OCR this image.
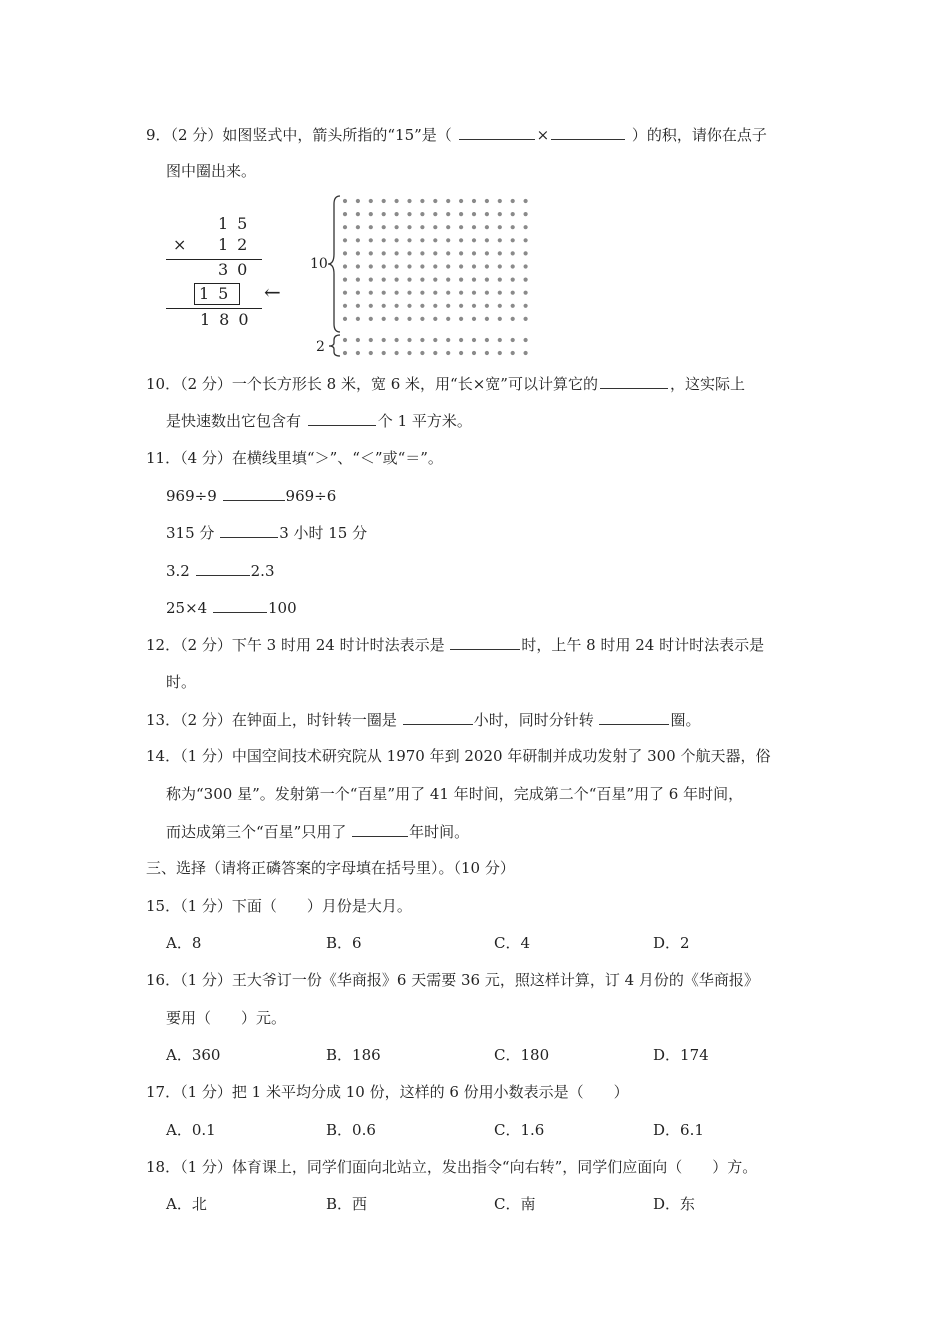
9．（2 分）如图竖式中，箭头所指的“15”是（	×	）的积，请你在点子
图中圈出来。
15
× 12
30
15
180
←
10
2
10．（2 分）一个长方形长 8 米，宽 6 米，用“长×宽”可以计算它的	，这实际上
是快速数出它包含有	个 1 平方米。
11．（4 分）在横线里填“＞”、“＜”或“＝”。
969÷9	969÷6
315 分	3 小时 15 分
3.2	2.3
25×4	100
12．（2 分）下午 3 时用 24 时计时法表示是	时，上午 8 时用 24 时计时法表示是
时。
13．（2 分）在钟面上，时针转一圈是	小时，同时分针转	圈。
14．（1 分）中国空间技术研究院从 1970 年到 2020 年研制并成功发射了 300 个航天器，俗
称为“300 星”。发射第一个“百星”用了 41 年时间，完成第二个“百星”用了 6 年时间，
而达成第三个“百星”只用了	年时间。
三、选择（请将正磷答案的字母填在括号里）。（10 分）
15．（1 分）下面（　　）月份是大月。
A．8	B．6	C．4	D．2
16．（1 分）王大爷订一份《华商报》6 天需要 36 元，照这样计算，订 4 月份的《华商报》
要用（　　）元。
A．360	B．186	C．180	D．174
17．（1 分）把 1 米平均分成 10 份，这样的 6 份用小数表示是（　　）
A．0.1	B．0.6	C．1.6	D．6.1
18．（1 分）体育课上，同学们面向北站立，发出指令“向右转”，同学们应面向（　　）方。
A．北	B．西	C．南	D．东
